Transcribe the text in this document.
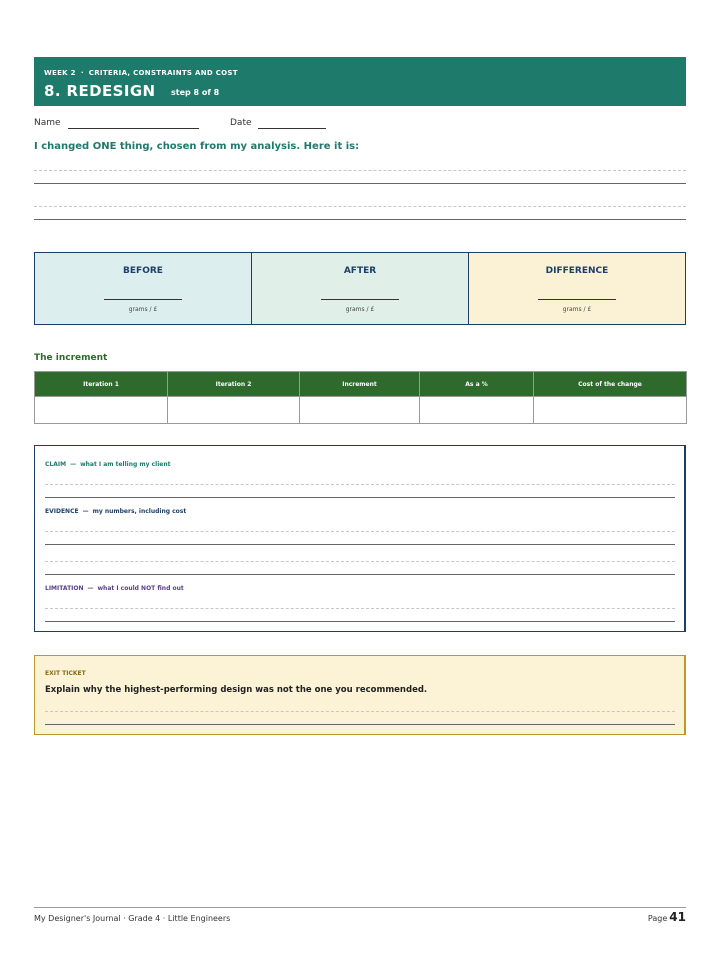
WEEK 2 · CRITERIA, CONSTRAINTS AND COST
8. REDESIGN step 8 of 8
Name	Date
I changed ONE thing, chosen from my analysis. Here it is:
BEFORE
grams / £
AFTER
grams / £
DIFFERENCE
grams / £
The increment
Iteration 1	Iteration 2	Increment	As a %	Cost of the change

CLAIM — what I am telling my client
EVIDENCE — my numbers, including cost
LIMITATION — what I could NOT find out
EXIT TICKET
Explain why the highest-performing design was not the one you recommended.
My Designer's Journal · Grade 4 · Little Engineers	Page 41
